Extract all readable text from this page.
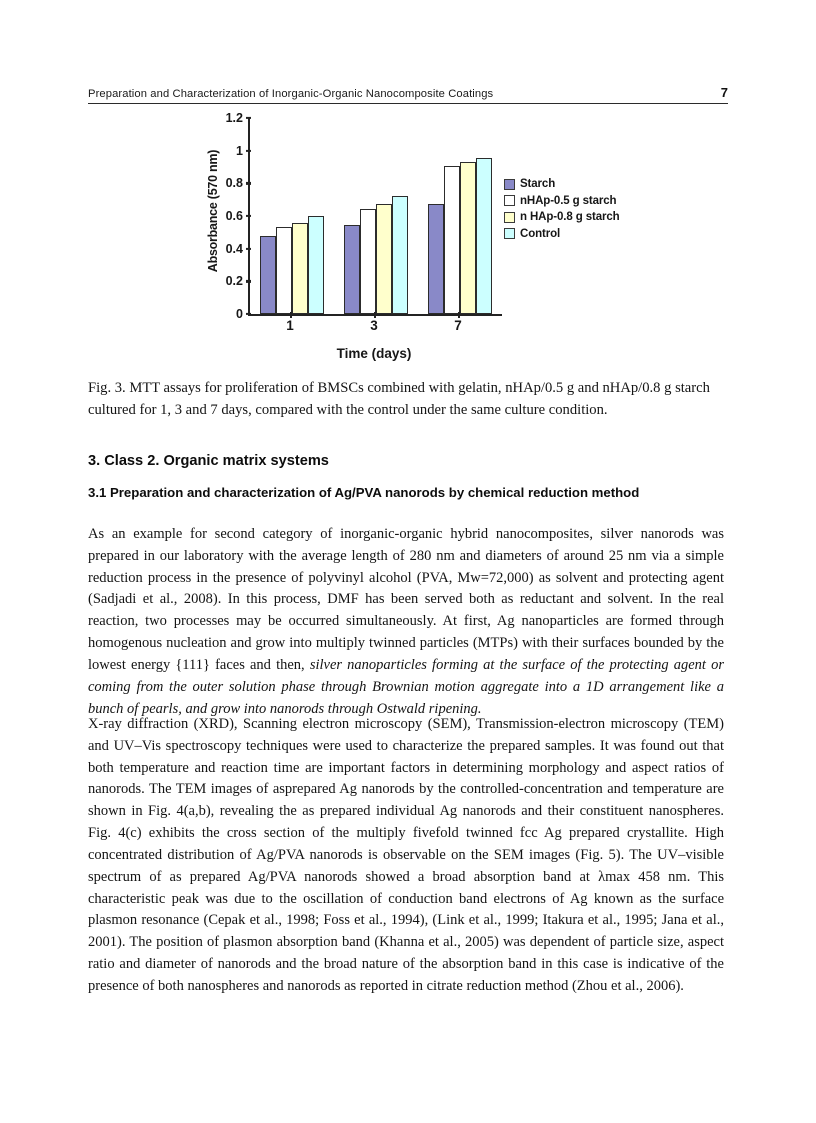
Preparation and Characterization of Inorganic-Organic Nanocomposite Coatings	7
Absorbance (570 nm)
0
0.2
0.4
0.6
0.8
1
1.2
1	3	7
Time (days)
Starch
nHAp-0.5 g starch
n HAp-0.8 g starch
Control
Fig. 3. MTT assays for proliferation of BMSCs combined with gelatin, nHAp/0.5 g and nHAp/0.8 g starch cultured for 1, 3 and 7 days, compared with the control under the same culture condition.
3. Class 2. Organic matrix systems
3.1 Preparation and characterization of Ag/PVA nanorods by chemical reduction method
As an example for second category of inorganic-organic hybrid nanocomposites, silver nanorods was prepared in our laboratory with the average length of 280 nm and diameters of around 25 nm via a simple reduction process in the presence of polyvinyl alcohol (PVA, Mw=72,000) as solvent and protecting agent (Sadjadi et al., 2008). In this process, DMF has been served both as reductant and solvent. In the real reaction, two processes may be occurred simultaneously. At first, Ag nanoparticles are formed through homogenous nucleation and grow into multiply twinned particles (MTPs) with their surfaces bounded by the lowest energy {111} faces and then, silver nanoparticles forming at the surface of the protecting agent or coming from the outer solution phase through Brownian motion aggregate into a 1D arrangement like a bunch of pearls, and grow into nanorods through Ostwald ripening.
X-ray diffraction (XRD), Scanning electron microscopy (SEM), Transmission-electron microscopy (TEM) and UV–Vis spectroscopy techniques were used to characterize the prepared samples. It was found out that both temperature and reaction time are important factors in determining morphology and aspect ratios of nanorods. The TEM images of asprepared Ag nanorods by the controlled-concentration and temperature are shown in Fig. 4(a,b), revealing the as prepared individual Ag nanorods and their constituent nanospheres. Fig. 4(c) exhibits the cross section of the multiply fivefold twinned fcc Ag prepared crystallite. High concentrated distribution of Ag/PVA nanorods is observable on the SEM images (Fig. 5). The UV–visible spectrum of as prepared Ag/PVA nanorods showed a broad absorption band at λmax 458 nm. This characteristic peak was due to the oscillation of conduction band electrons of Ag known as the surface plasmon resonance (Cepak et al., 1998; Foss et al., 1994), (Link et al., 1999; Itakura et al., 1995; Jana et al., 2001). The position of plasmon absorption band (Khanna et al., 2005) was dependent of particle size, aspect ratio and diameter of nanorods and the broad nature of the absorption band in this case is indicative of the presence of both nanospheres and nanorods as reported in citrate reduction method (Zhou et al., 2006).
